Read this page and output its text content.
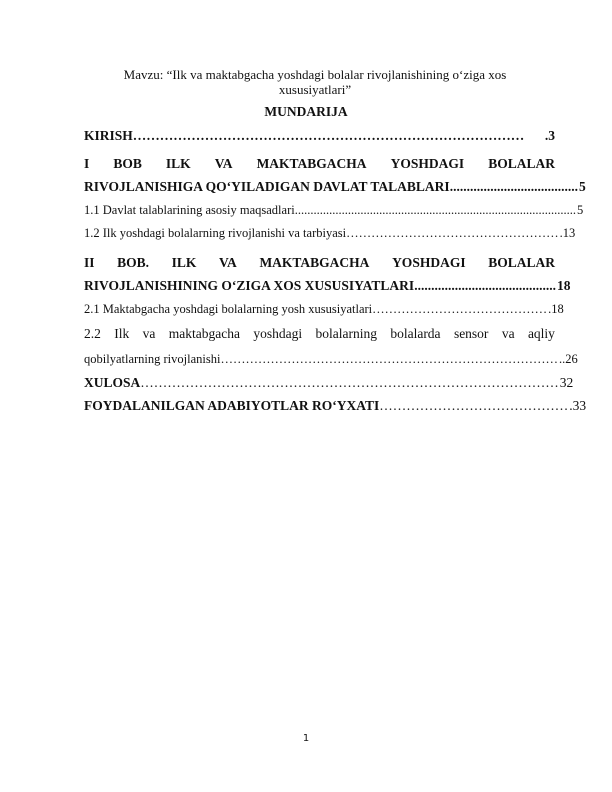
Mavzu: “Ilk va maktabgacha yoshdagi bolalar rivojlanishining o‘ziga xos xususiyatlari”
MUNDARIJA
KIRISH……………………………………………………………………………	.3
I BOB ILK VA MAKTABGACHA YOSHDAGI BOLALAR
RIVOJLANISHIGA QO‘YILADIGAN DAVLAT TALABLARI...................................... 5
1.1 Davlat talablarining asosiy maqsadlari.......................................................................................... 5
1.2 Ilk yoshdagi bolalarning rivojlanishi va tarbiyasi…………………………………………… .13
II BOB. ILK VA MAKTABGACHA YOSHDAGI BOLALAR
RIVOJLANISHINING O‘ZIGA XOS XUSUSIYATLARI.......................................... 18
2.1 Maktabgacha yoshdagi bolalarning yosh xususiyatlari…………………………………… .18
2.2 Ilk va maktabgacha yoshdagi bolalarning bolalarda sensor va aqliy
qobilyatlarning rivojlanishi……………………………………………………………………… ..26
XULOSA………………………………………………………………………………… 32
FOYDALANILGAN ADABIYOTLAR RO‘YXATI…………………………………… .33
1
